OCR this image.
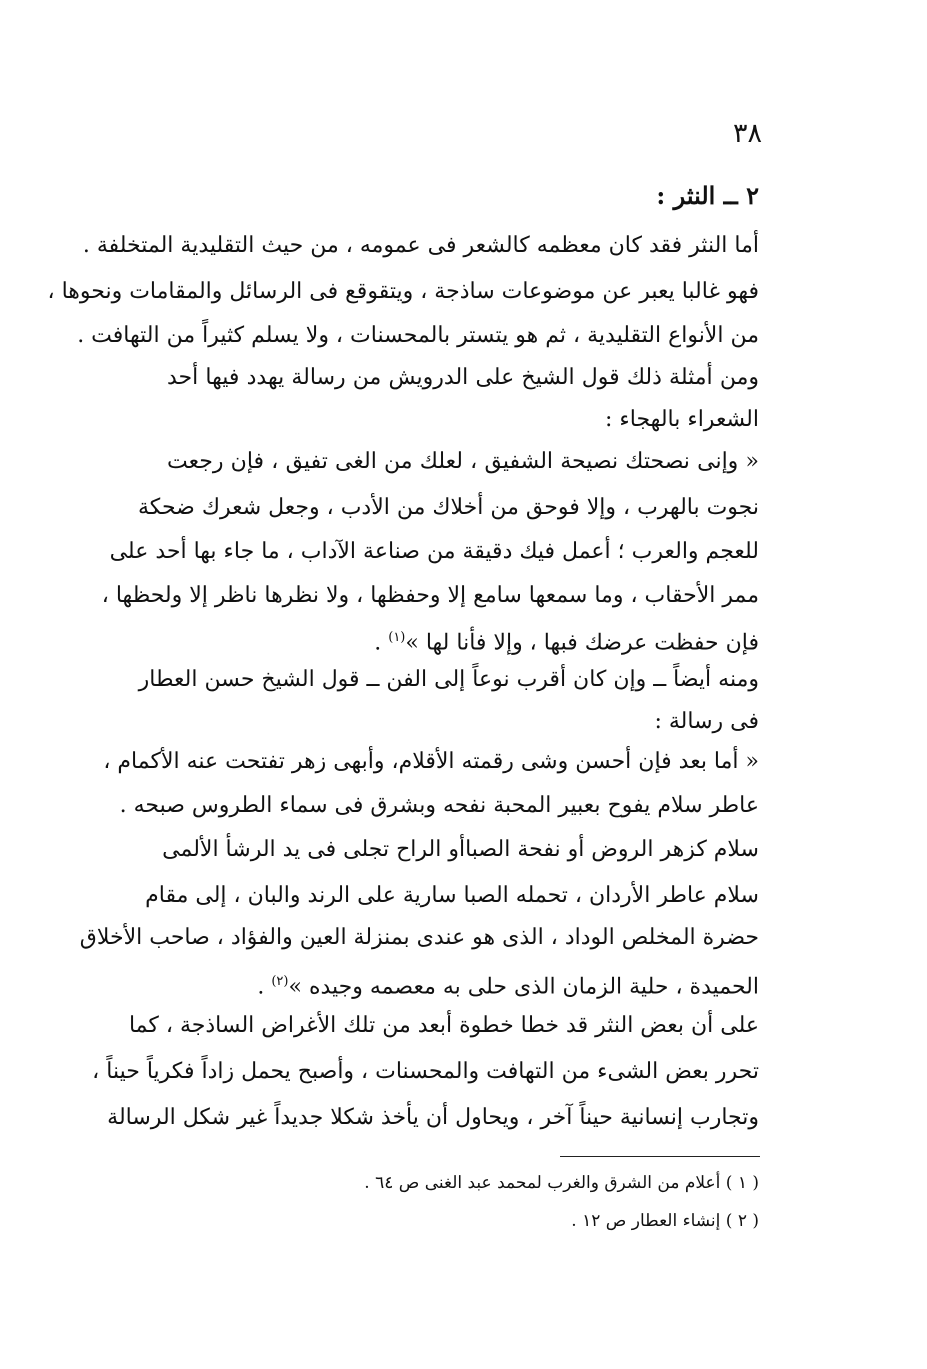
٣٨
٢ ــ النثر :
أما النثر فقد كان معظمه كالشعر فى عمومه ، من حيث التقليدية المتخلفة .
فهو غالبا يعبر عن موضوعات ساذجة ، ويتقوقع فى الرسائل والمقامات ونحوها ،
من الأنواع التقليدية ، ثم هو يتستر بالمحسنات ، ولا يسلم كثيراً من التهافت .
ومن أمثلة ذلك قول الشيخ على الدرويش من رسالة يهدد فيها أحد
الشعراء بالهجاء :
« وإنى نصحتك نصيحة الشفيق ، لعلك من الغى تفيق ، فإن رجعت
نجوت بالهرب ، وإلا فوحق من أخلاك من الأدب ، وجعل شعرك ضحكة
للعجم والعرب ؛ أعمل فيك دقيقة من صناعة الآداب ، ما جاء بها أحد على
ممر الأحقاب ، وما سمعها سامع إلا وحفظها ، ولا نظرها ناظر إلا ولحظها ،
فإن حفظت عرضك فبها ، وإلا فأنا لها »$^{(١)}$ .
ومنه أيضاً ــ وإن كان أقرب نوعاً إلى الفن ــ قول الشيخ حسن العطار
فى رسالة :
« أما بعد فإن أحسن وشى رقمته الأقلام، وأبهى زهر تفتحت عنه الأكمام ،
عاطر سلام يفوح بعبير المحبة نفحه وبشرق فى سماء الطروس صبحه .
سلام كزهر الروض أو نفحة الصبا
أو الراح تجلى فى يد الرشأ الألمى
سلام عاطر الأردان ، تحمله الصبا سارية على الرند والبان ، إلى مقام
حضرة المخلص الوداد ، الذى هو عندى بمنزلة العين والفؤاد ، صاحب الأخلاق
الحميدة ، حلية الزمان الذى حلى به معصمه وجيده »$^{(٢)}$ .
على أن بعض النثر قد خطا خطوة أبعد من تلك الأغراض الساذجة ، كما
تحرر بعض الشىء من التهافت والمحسنات ، وأصبح يحمل زاداً فكرياً حيناً ،
وتجارب إنسانية حيناً آخر ، ويحاول أن يأخذ شكلا جديداً غير شكل الرسالة
( ١ ) أعلام من الشرق والغرب لمحمد عبد الغنى ص ٦٤ .
( ٢ ) إنشاء العطار ص ١٢ .
